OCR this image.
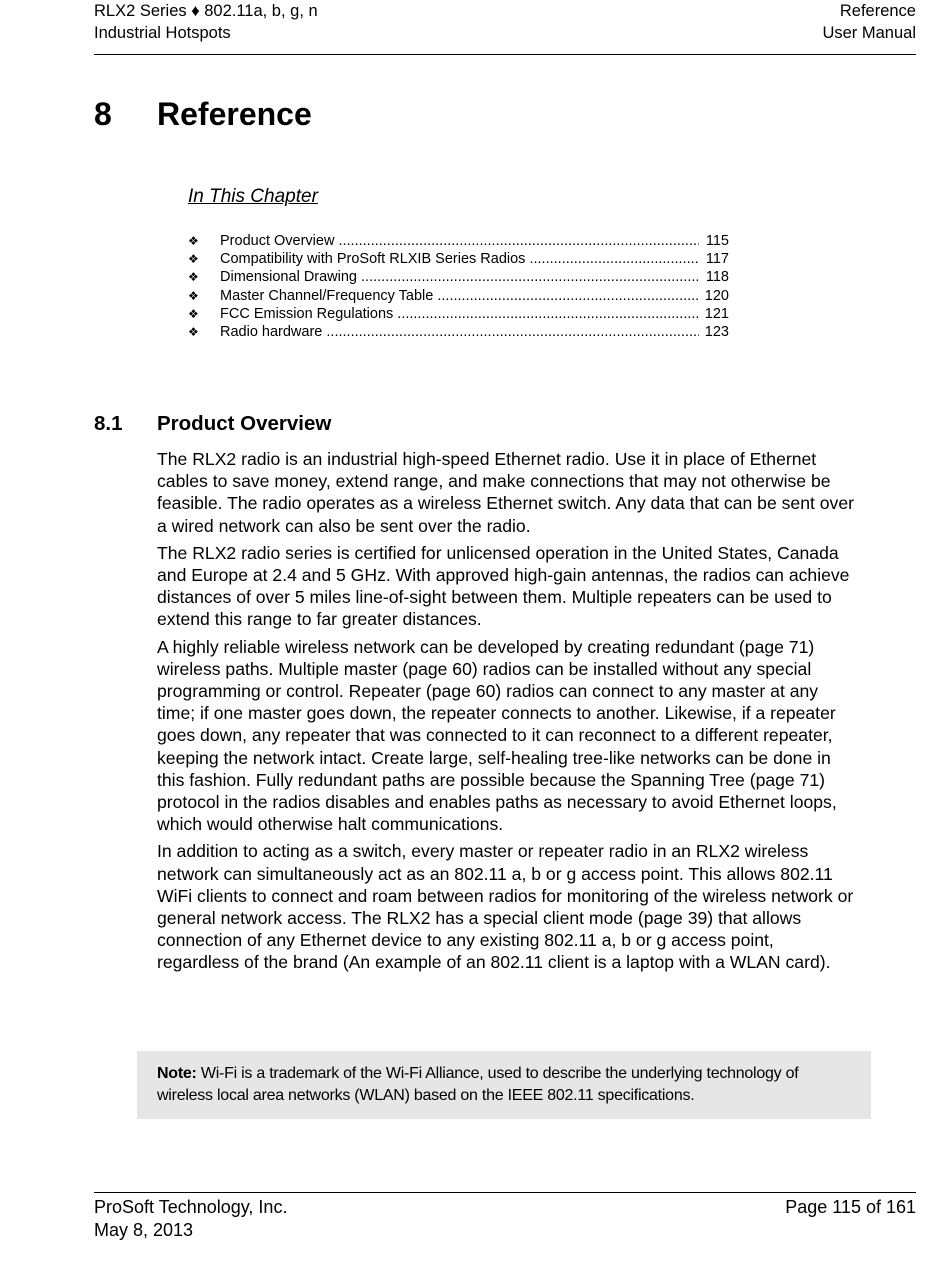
RLX2 Series ♦ 802.11a, b, g, n
Industrial Hotspots
Reference
User Manual
8 Reference
In This Chapter
❖ Product Overview .....	115
❖ Compatibility with ProSoft RLXIB Series Radios .....	117
❖ Dimensional Drawing .....	118
❖ Master Channel/Frequency Table .....	120
❖ FCC Emission Regulations .....	121
❖ Radio hardware .....	123
8.1 Product Overview

The RLX2 radio is an industrial high-speed Ethernet radio. Use it in place of Ethernet cables to save money, extend range, and make connections that may not otherwise be feasible. The radio operates as a wireless Ethernet switch. Any data that can be sent over a wired network can also be sent over the radio.

The RLX2 radio series is certified for unlicensed operation in the United States, Canada and Europe at 2.4 and 5 GHz. With approved high-gain antennas, the radios can achieve distances of over 5 miles line-of-sight between them. Multiple repeaters can be used to extend this range to far greater distances.

A highly reliable wireless network can be developed by creating redundant (page 71) wireless paths. Multiple master (page 60) radios can be installed without any special programming or control. Repeater (page 60) radios can connect to any master at any time; if one master goes down, the repeater connects to another. Likewise, if a repeater goes down, any repeater that was connected to it can reconnect to a different repeater, keeping the network intact. Create large, self-healing tree-like networks can be done in this fashion. Fully redundant paths are possible because the Spanning Tree (page 71) protocol in the radios disables and enables paths as necessary to avoid Ethernet loops, which would otherwise halt communications.

In addition to acting as a switch, every master or repeater radio in an RLX2 wireless network can simultaneously act as an 802.11 a, b or g access point. This allows 802.11 WiFi clients to connect and roam between radios for monitoring of the wireless network or general network access. The RLX2 has a special client mode (page 39) that allows connection of any Ethernet device to any existing 802.11 a, b or g access point, regardless of the brand (An example of an 802.11 client is a laptop with a WLAN card).

Note: Wi-Fi is a trademark of the Wi-Fi Alliance, used to describe the underlying technology of wireless local area networks (WLAN) based on the IEEE 802.11 specifications.
ProSoft Technology, Inc.
May 8, 2013
Page 115 of 161
